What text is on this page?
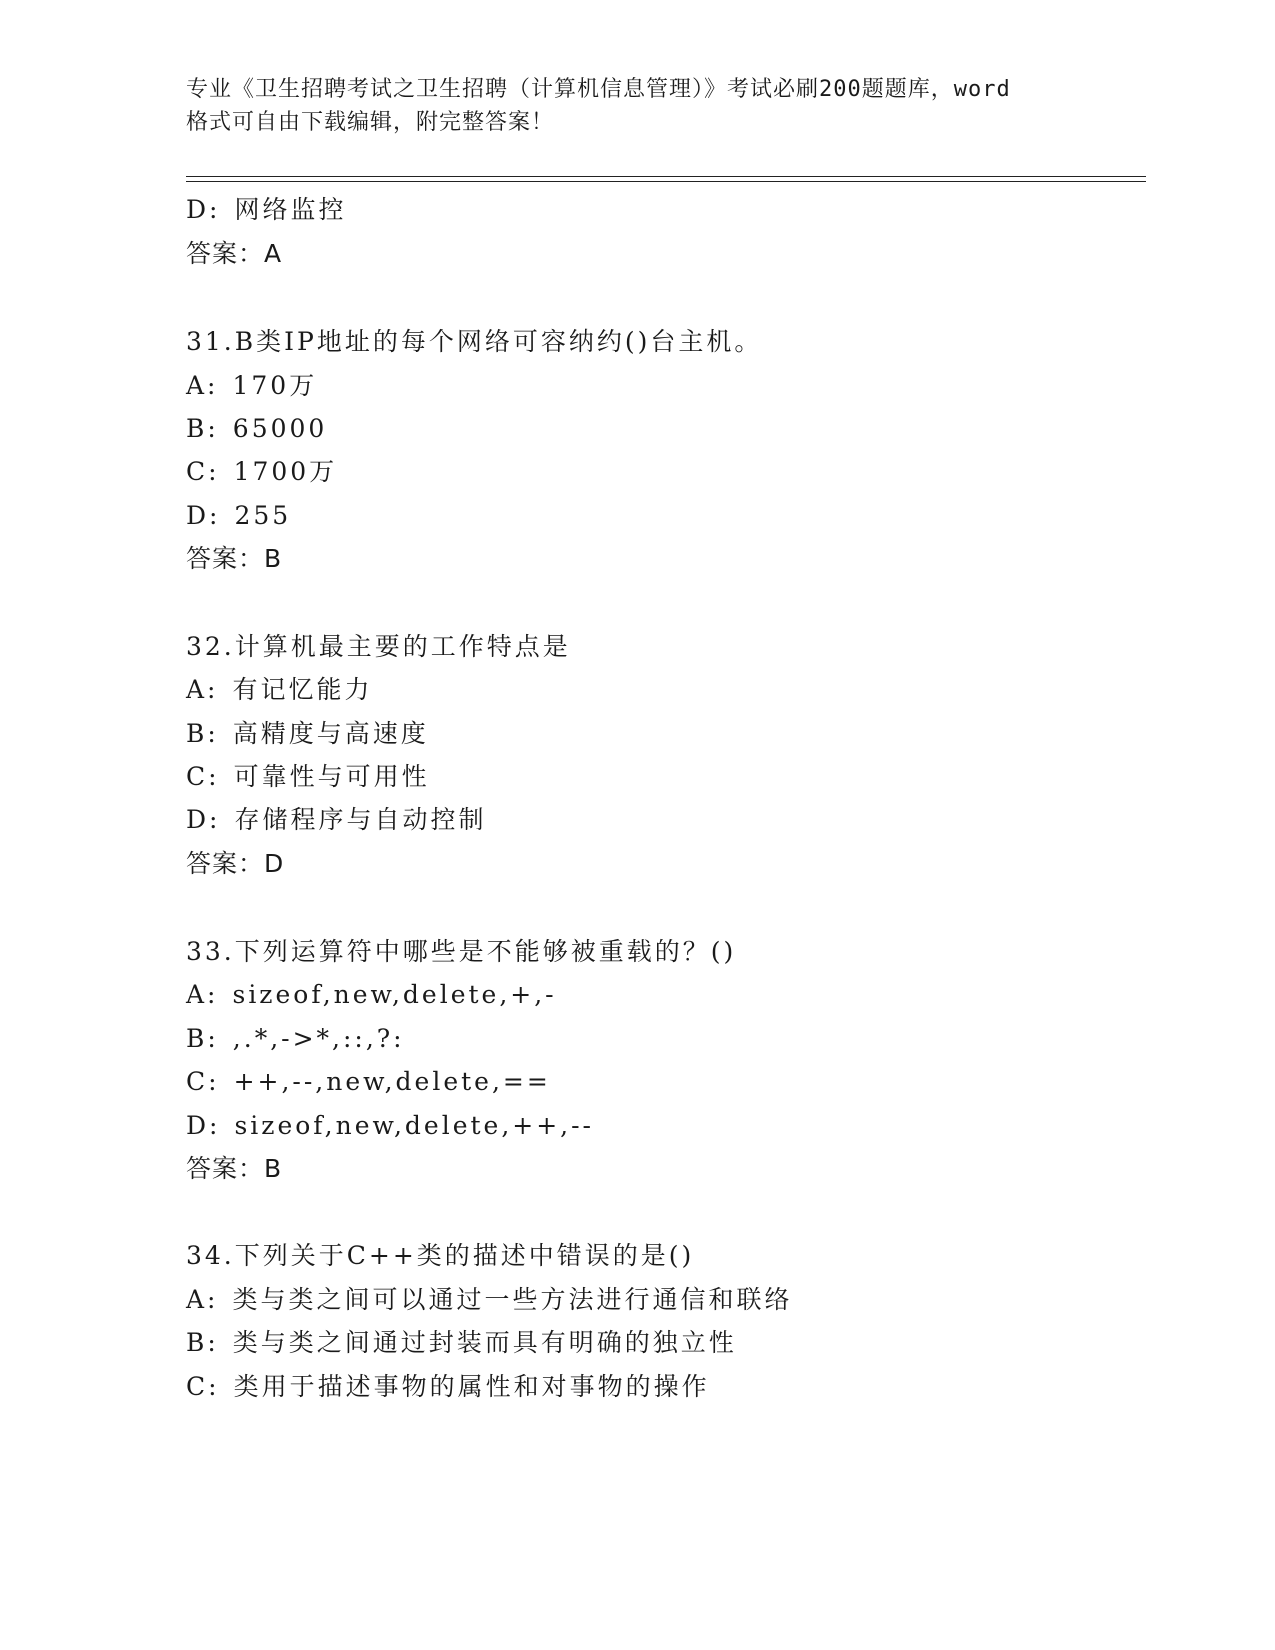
专业《卫生招聘考试之卫生招聘（计算机信息管理）》考试必刷200题题库，word
格式可自由下载编辑，附完整答案！
D: 网络监控
答案：A
31.B类IP地址的每个网络可容纳约()台主机。
A: 170万
B: 65000
C: 1700万
D: 255
答案：B
32.计算机最主要的工作特点是
A: 有记忆能力
B: 高精度与高速度
C: 可靠性与可用性
D: 存储程序与自动控制
答案：D
33.下列运算符中哪些是不能够被重载的？()
A: sizeof,new,delete,+,-
B: ,.*,->*,::,?:
C: ++,--,new,delete,==
D: sizeof,new,delete,++,--
答案：B
34.下列关于C++类的描述中错误的是()
A: 类与类之间可以通过一些方法进行通信和联络
B: 类与类之间通过封装而具有明确的独立性
C: 类用于描述事物的属性和对事物的操作
